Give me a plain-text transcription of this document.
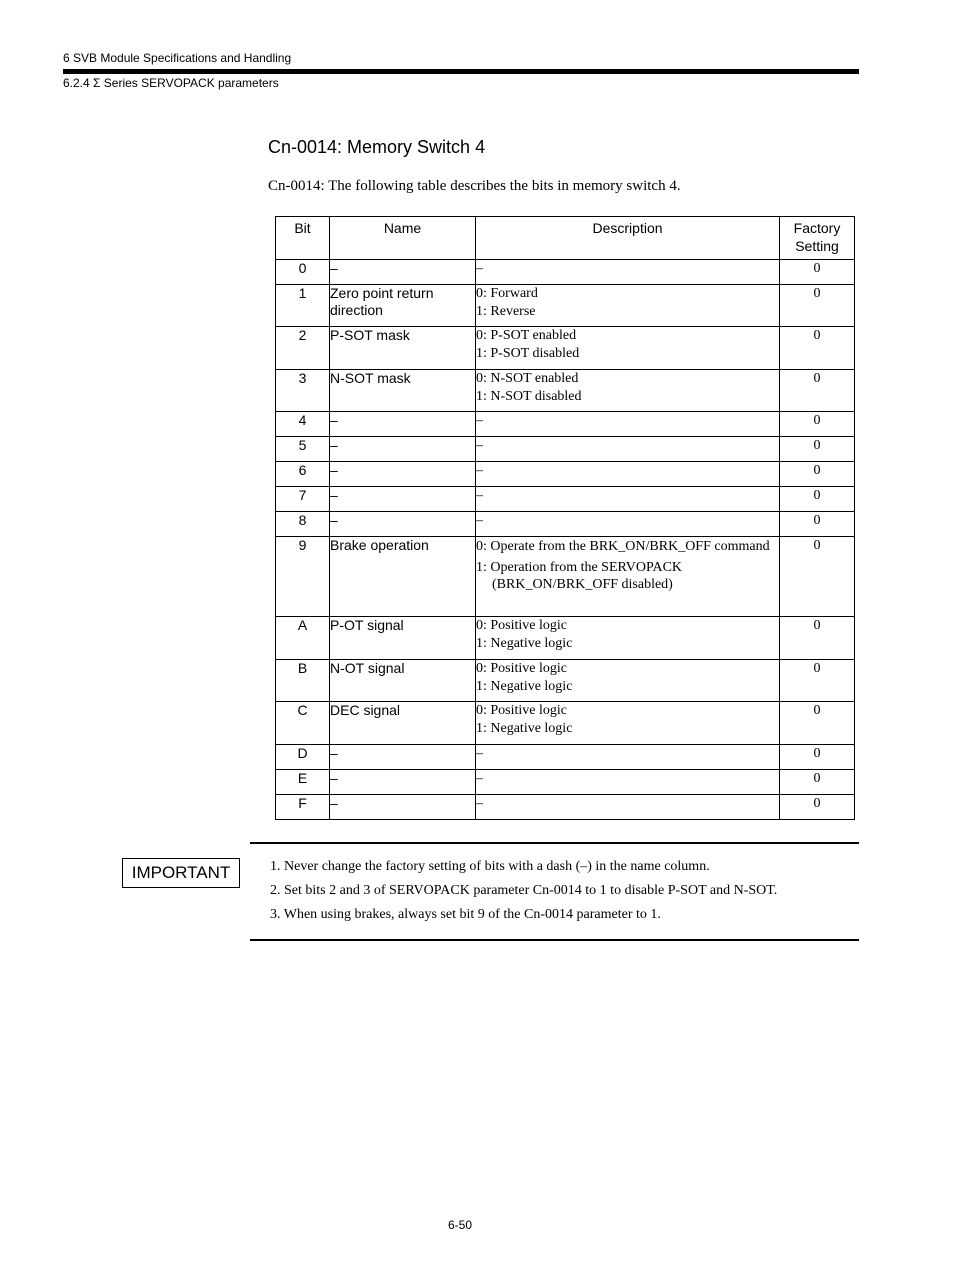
6 SVB Module Specifications and Handling
6.2.4 Σ Series SERVOPACK parameters
Cn-0014: Memory Switch 4
Cn-0014: The following table describes the bits in memory switch 4.
Bit	Name	Description	Factory
Setting

0	–	–	0
1	Zero point return direction	0: Forward
1: Reverse	0
2	P-SOT mask	0: P-SOT enabled
1: P-SOT disabled	0
3	N-SOT mask	0: N-SOT enabled
1: N-SOT disabled	0
4	–	–	0
5	–	–	0
6	–	–	0
7	–	–	0
8	–	–	0
9	Brake operation	0: Operate from the BRK_ON/BRK_OFF command
1: Operation from the SERVOPACK (BRK_ON/BRK_OFF disabled)	0
A	P-OT signal	0: Positive logic
1: Negative logic	0
B	N-OT signal	0: Positive logic
1: Negative logic	0
C	DEC signal	0: Positive logic
1: Negative logic	0
D	–	–	0
E	–	–	0
F	–	–	0
IMPORTANT	1. Never change the factory setting of bits with a dash (–) in the name column.
2. Set bits 2 and 3 of SERVOPACK parameter Cn-0014 to 1 to disable P-SOT and N-SOT.
3. When using brakes, always set bit 9 of the Cn-0014 parameter to 1.
6-50
